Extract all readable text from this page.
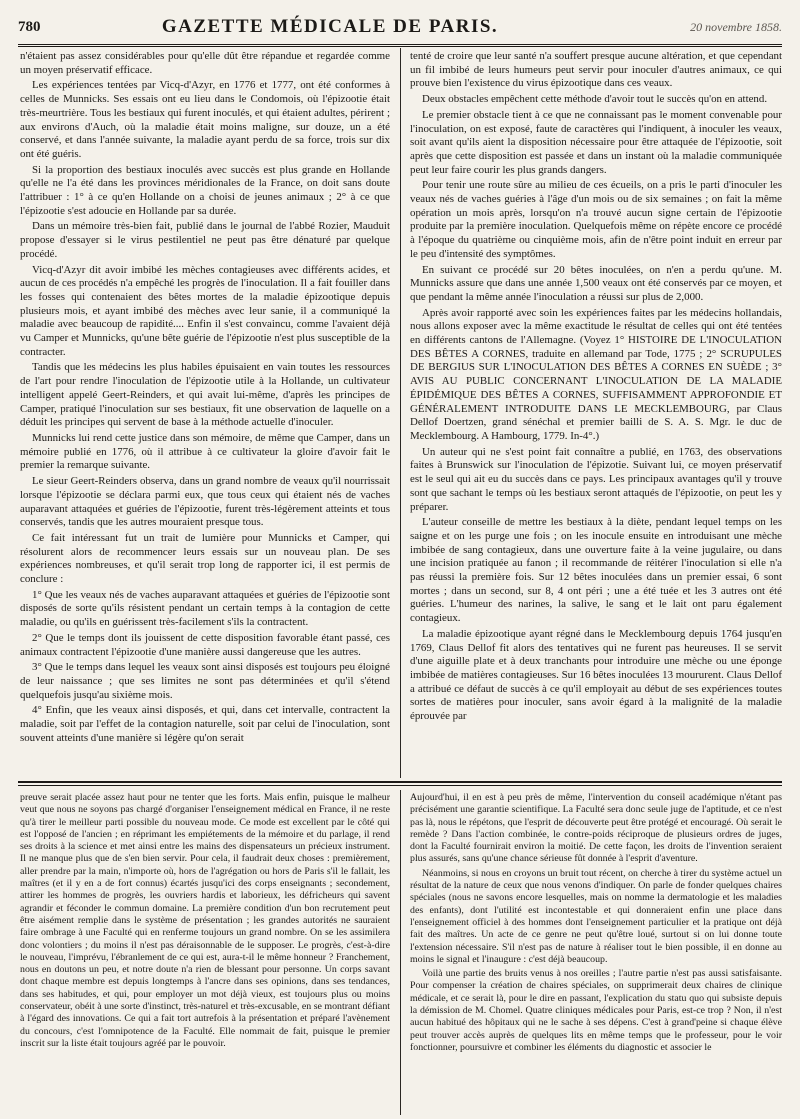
780	GAZETTE MÉDICALE DE PARIS.	20 novembre 1858.

n'étaient pas assez considérables pour qu'elle dût être répandue et regardée comme un moyen préservatif efficace.

Les expériences tentées par Vicq-d'Azyr, en 1776 et 1777, ont été conformes à celles de Munnicks. Ses essais ont eu lieu dans le Condomois, où l'épizootie était très-meurtrière. Tous les bestiaux qui furent inoculés, et qui étaient adultes, périrent ; aux environs d'Auch, où la maladie était moins maligne, sur douze, un a été conservé, et dans l'année suivante, la maladie ayant perdu de sa force, trois sur dix ont été guéris.

Si la proportion des bestiaux inoculés avec succès est plus grande en Hollande qu'elle ne l'a été dans les provinces méridionales de la France, on doit sans doute l'attribuer : 1° à ce qu'en Hollande on a choisi de jeunes animaux ; 2° à ce que l'épizootie s'est adoucie en Hollande par sa durée.

Dans un mémoire très-bien fait, publié dans le journal de l'abbé Rozier, Mauduit propose d'essayer si le virus pestilentiel ne peut pas être dénaturé par quelque procédé.

Vicq-d'Azyr dit avoir imbibé les mèches contagieuses avec différents acides, et aucun de ces procédés n'a empêché les progrès de l'inoculation. Il a fait fouiller dans les fosses qui contenaient des bêtes mortes de la maladie épizootique depuis plusieurs mois, et ayant imbibé des mèches avec leur sanie, il a communiqué la maladie avec beaucoup de rapidité.... Enfin il s'est convaincu, comme l'avaient déjà vu Camper et Munnicks, qu'une bête guérie de l'épizootie n'est plus susceptible de la contracter.

Tandis que les médecins les plus habiles épuisaient en vain toutes les ressources de l'art pour rendre l'inoculation de l'épizootie utile à la Hollande, un cultivateur intelligent appelé Geert-Reinders, et qui avait lui-même, d'après les principes de Camper, pratiqué l'inoculation sur ses bestiaux, fit une observation de laquelle on a déduit les principes qui servent de base à la méthode actuelle d'inoculer.

Munnicks lui rend cette justice dans son mémoire, de même que Camper, dans un mémoire publié en 1776, où il attribue à ce cultivateur la gloire d'avoir fait le premier la remarque suivante.

Le sieur Geert-Reinders observa, dans un grand nombre de veaux qu'il nourrissait lorsque l'épizootie se déclara parmi eux, que tous ceux qui étaient nés de vaches auparavant attaquées et guéries de l'épizootie, furent très-légèrement atteints et tous conservés, tandis que les autres mouraient presque tous.

Ce fait intéressant fut un trait de lumière pour Munnicks et Camper, qui résolurent alors de recommencer leurs essais sur un nouveau plan. De ses expériences nombreuses, et qu'il serait trop long de rapporter ici, il est permis de conclure :

1° Que les veaux nés de vaches auparavant attaquées et guéries de l'épizootie sont disposés de sorte qu'ils résistent pendant un certain temps à la contagion de cette maladie, ou qu'ils en guérissent très-facilement s'ils la contractent.

2° Que le temps dont ils jouissent de cette disposition favorable étant passé, ces animaux contractent l'épizootie d'une manière aussi dangereuse que les autres.

3° Que le temps dans lequel les veaux sont ainsi disposés est toujours peu éloigné de leur naissance ; que ses limites ne sont pas déterminées et qu'il s'étend quelquefois jusqu'au sixième mois.

4° Enfin, que les veaux ainsi disposés, et qui, dans cet intervalle, contractent la maladie, soit par l'effet de la contagion naturelle, soit par celui de l'inoculation, sont souvent atteints d'une manière si légère qu'on serait

tenté de croire que leur santé n'a souffert presque aucune altération, et que cependant un fil imbibé de leurs humeurs peut servir pour inoculer d'autres animaux, ce qui prouve bien l'existence du virus épizootique dans ces veaux.

Deux obstacles empêchent cette méthode d'avoir tout le succès qu'on en attend.

Le premier obstacle tient à ce que ne connaissant pas le moment convenable pour l'inoculation, on est exposé, faute de caractères qui l'indiquent, à inoculer les veaux, soit avant qu'ils aient la disposition nécessaire pour être attaquée de l'épizootie, soit après que cette disposition est passée et dans un instant où la maladie communiquée peut leur faire courir les plus grands dangers.

Pour tenir une route sûre au milieu de ces écueils, on a pris le parti d'inoculer les veaux nés de vaches guéries à l'âge d'un mois ou de six semaines ; on fait la même opération un mois après, lorsqu'on n'a trouvé aucun signe certain de l'épizootie produite par la première inoculation. Quelquefois même on répète encore ce procédé à l'époque du quatrième ou cinquième mois, afin de n'être point induit en erreur par le peu d'intensité des symptômes.

En suivant ce procédé sur 20 bêtes inoculées, on n'en a perdu qu'une. M. Munnicks assure que dans une année 1,500 veaux ont été conservés par ce moyen, et que pendant la même année l'inoculation a réussi sur plus de 2,000.

Après avoir rapporté avec soin les expériences faites par les médecins hollandais, nous allons exposer avec la même exactitude le résultat de celles qui ont été tentées en différents cantons de l'Allemagne. (Voyez 1° HISTOIRE DE L'INOCULATION DES BÊTES A CORNES, traduite en allemand par Tode, 1775 ; 2° SCRUPULES DE BERGIUS SUR L'INOCULATION DES BÊTES A CORNES EN SUÈDE ; 3° AVIS AU PUBLIC CONCERNANT L'INOCULATION DE LA MALADIE ÉPIDÉMIQUE DES BÊTES A CORNES, SUFFISAMMENT APPROFONDIE ET GÉNÉRALEMENT INTRODUITE DANS LE MECKLEMBOURG, par Claus Dellof Doertzen, grand sénéchal et premier bailli de S. A. S. Mgr. le duc de Mecklembourg. A Hambourg, 1779. In-4°.)

Un auteur qui ne s'est point fait connaître a publié, en 1763, des observations faites à Brunswick sur l'inoculation de l'épizotie. Suivant lui, ce moyen préservatif est le seul qui ait eu du succès dans ce pays. Les principaux avantages qu'il y trouve sont que sachant le temps où les bestiaux seront attaqués de l'épizootie, on peut les y préparer.

L'auteur conseille de mettre les bestiaux à la diète, pendant lequel temps on les saigne et on les purge une fois ; on les inocule ensuite en introduisant une mèche imbibée de sang contagieux, dans une ouverture faite à la veine jugulaire, ou dans une incision pratiquée au fanon ; il recommande de réitérer l'inoculation si elle n'a pas réussi la première fois. Sur 12 bêtes inoculées dans un premier essai, 6 sont mortes ; dans un second, sur 8, 4 ont péri ; une a été tuée et les 3 autres ont été guéries. L'humeur des narines, la salive, le sang et le lait ont paru également contagieux.

La maladie épizootique ayant régné dans le Mecklembourg depuis 1764 jusqu'en 1769, Claus Dellof fit alors des tentatives qui ne furent pas heureuses. Il se servit d'une aiguille plate et à deux tranchants pour introduire une mèche ou une éponge imbibée de matières contagieuses. Sur 16 bêtes inoculées 13 moururent. Claus Dellof a attribué ce défaut de succès à ce qu'il employait au début de ses expériences toutes sortes de matières pour inoculer, sans avoir égard à la malignité de la maladie éprouvée par

preuve serait placée assez haut pour ne tenter que les forts. Mais enfin, puisque le malheur veut que nous ne soyons pas chargé d'organiser l'enseignement médical en France, il ne reste qu'à tirer le meilleur parti possible du nouveau mode. Ce mode est excellent par le côté qui est l'opposé de l'ancien ; en réprimant les empiétements de la mémoire et du parlage, il rend ses droits à la science et met ainsi entre les mains des dispensateurs un précieux instrument. Il ne manque plus que de s'en bien servir. Pour cela, il faudrait deux choses : premièrement, aller prendre par la main, n'importe où, hors de l'agrégation ou hors de Paris s'il le fallait, les maîtres (et il y en a de fort connus) écartés jusqu'ici des corps enseignants ; secondement, attirer les hommes de progrès, les ouvriers hardis et laborieux, les défricheurs qui savent agrandir et féconder le commun domaine. La première condition d'un bon recrutement peut être aisément remplie dans le système de présentation ; les grandes autorités ne sauraient faire ombrage à une Faculté qui en renferme toujours un grand nombre. On se les assimilera donc volontiers ; du moins il n'est pas déraisonnable de le supposer. Le progrès, c'est-à-dire le nouveau, l'imprévu, l'ébranlement de ce qui est, aura-t-il le même honneur ? Franchement, nous en doutons un peu, et notre doute n'a rien de blessant pour personne. Un corps savant dont chaque membre est depuis longtemps à l'ancre dans ses opinions, dans ses tendances, dans ses habitudes, et qui, pour employer un mot déjà vieux, est toujours plus ou moins conservateur, obéit à une sorte d'instinct, très-naturel et très-excusable, en se montrant défiant à l'égard des innovations. Ce qui a fait tort autrefois à la présentation et préparé l'avènement du concours, c'est l'omnipotence de la Faculté. Elle nommait de fait, puisque le premier inscrit sur la liste était toujours agréé par le pouvoir.

Aujourd'hui, il en est à peu près de même, l'intervention du conseil académique n'étant pas précisément une garantie scientifique. La Faculté sera donc seule juge de l'aptitude, et ce n'est pas là, nous le répétons, que l'esprit de découverte peut être protégé et encouragé. Où serait le remède ? Dans l'action combinée, le contre-poids réciproque de plusieurs ordres de juges, dont la Faculté fournirait environ la moitié. De cette façon, les droits de l'invention seraient plus assurés, sans qu'une chance sérieuse fût donnée à l'esprit d'aventure.

Néanmoins, si nous en croyons un bruit tout récent, on cherche à tirer du système actuel un résultat de la nature de ceux que nous venons d'indiquer. On parle de fonder quelques chaires spéciales (nous ne savons encore lesquelles, mais on nomme la dermatologie et les maladies des enfants), dont l'utilité est incontestable et qui donneraient enfin une place dans l'enseignement officiel à des hommes dont l'enseignement particulier et la pratique ont déjà fait des maîtres. Un acte de ce genre ne peut qu'être loué, surtout si on lui donne toute l'extension nécessaire. S'il n'est pas de nature à réaliser tout le bien possible, il en donne au moins le signal et l'inaugure : c'est déjà beaucoup.

Voilà une partie des bruits venus à nos oreilles ; l'autre partie n'est pas aussi satisfaisante. Pour compenser la création de chaires spéciales, on supprimerait deux chaires de clinique médicale, et ce serait là, pour le dire en passant, l'explication du statu quo qui subsiste depuis la démission de M. Chomel. Quatre cliniques médicales pour Paris, est-ce trop ? Non, il n'est aucun habitué des hôpitaux qui ne le sache à ses dépens. C'est à grand'peine si chaque élève peut trouver accès auprès de quelques lits en même temps que le professeur, pour le voir fonctionner, poursuivre et combiner les éléments du diagnostic et associer le
